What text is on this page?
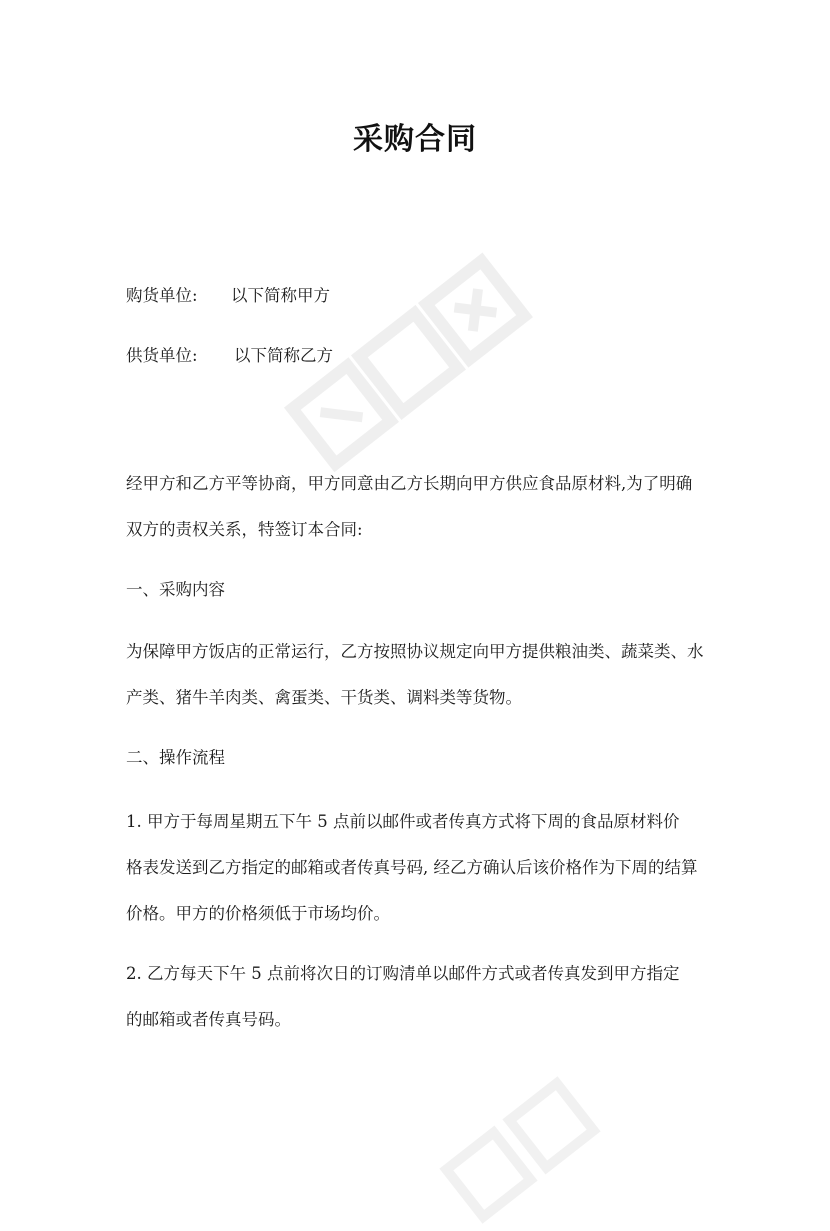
采购合同
购货单位: 以下简称甲方
供货单位: 以下简称乙方
经甲方和乙方平等协商，甲方同意由乙方长期向甲方供应食品原材料,为了明确
双方的责权关系，特签订本合同:
一、采购内容
为保障甲方饭店的正常运行，乙方按照协议规定向甲方提供粮油类、蔬菜类、水
产类、猪牛羊肉类、禽蛋类、干货类、调料类等货物。
二、操作流程
1. 甲方于每周星期五下午 5 点前以邮件或者传真方式将下周的食品原材料价
格表发送到乙方指定的邮箱或者传真号码, 经乙方确认后该价格作为下周的结算
价格。甲方的价格须低于市场均价。
2. 乙方每天下午 5 点前将次日的订购清单以邮件方式或者传真发到甲方指定
的邮箱或者传真号码。
